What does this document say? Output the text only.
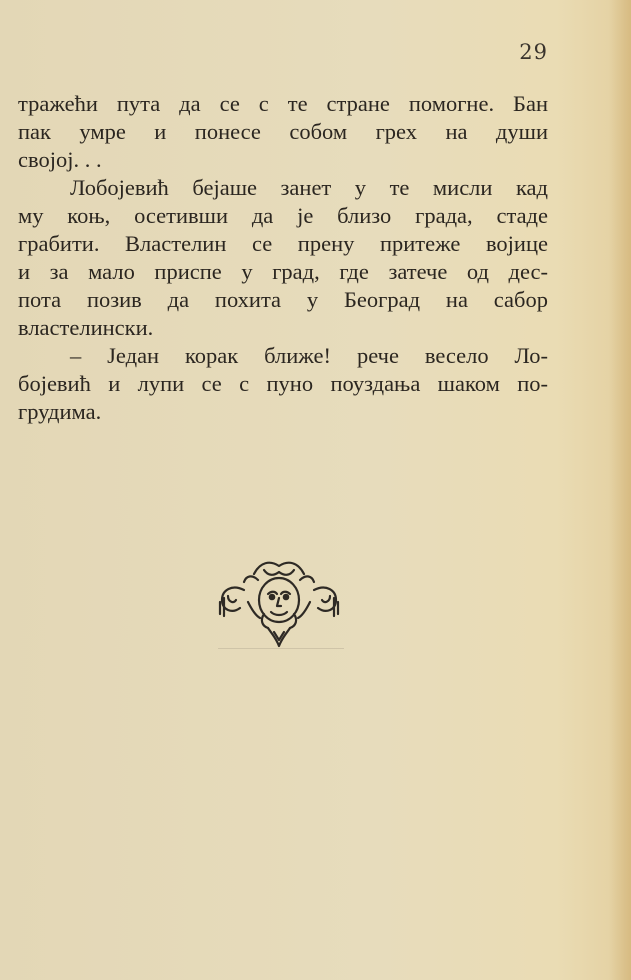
29
тражећи пута да се с те стране помогне. Бан
пак умре и понесе собом грех на души
својој. . .
Лобојевић бејаше занет у те мисли кад
му коњ, осетивши да је близо града, стаде
грабити. Властелин се прену притеже војице
и за мало приспе у град, где затече од дес-
пота позив да похита у Београд на сабор
властелински.
– Један корак ближе! рече весело Ло-
бојевић и лупи се с пуно поуздања шаком по-
грудима.
